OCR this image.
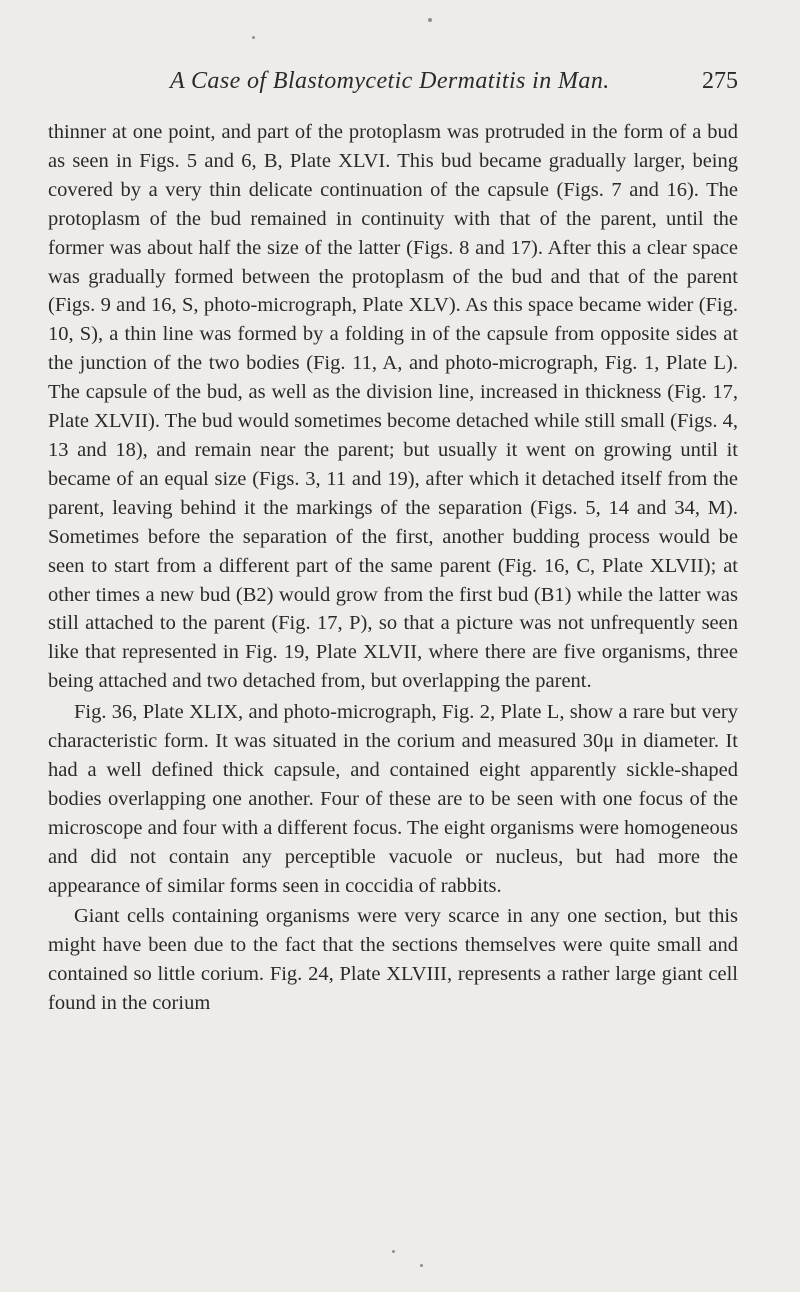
A Case of Blastomycetic Dermatitis in Man.	275

thinner at one point, and part of the protoplasm was protruded in the form of a bud as seen in Figs. 5 and 6, B, Plate XLVI. This bud became gradually larger, being covered by a very thin delicate continuation of the capsule (Figs. 7 and 16). The protoplasm of the bud remained in continuity with that of the parent, until the former was about half the size of the latter (Figs. 8 and 17). After this a clear space was gradually formed between the protoplasm of the bud and that of the parent (Figs. 9 and 16, S, photo-micrograph, Plate XLV). As this space became wider (Fig. 10, S), a thin line was formed by a folding in of the capsule from opposite sides at the junction of the two bodies (Fig. 11, A, and photo-micrograph, Fig. 1, Plate L). The capsule of the bud, as well as the division line, increased in thickness (Fig. 17, Plate XLVII). The bud would sometimes become detached while still small (Figs. 4, 13 and 18), and remain near the parent; but usually it went on growing until it became of an equal size (Figs. 3, 11 and 19), after which it detached itself from the parent, leaving behind it the markings of the separation (Figs. 5, 14 and 34, M). Sometimes before the separation of the first, another budding process would be seen to start from a different part of the same parent (Fig. 16, C, Plate XLVII); at other times a new bud (B2) would grow from the first bud (B1) while the latter was still attached to the parent (Fig. 17, P), so that a picture was not unfrequently seen like that represented in Fig. 19, Plate XLVII, where there are five organisms, three being attached and two detached from, but overlapping the parent.

Fig. 36, Plate XLIX, and photo-micrograph, Fig. 2, Plate L, show a rare but very characteristic form. It was situated in the corium and measured 30μ in diameter. It had a well defined thick capsule, and contained eight apparently sickle-shaped bodies overlapping one another. Four of these are to be seen with one focus of the microscope and four with a different focus. The eight organisms were homogeneous and did not contain any perceptible vacuole or nucleus, but had more the appearance of similar forms seen in coccidia of rabbits.

Giant cells containing organisms were very scarce in any one section, but this might have been due to the fact that the sections themselves were quite small and contained so little corium. Fig. 24, Plate XLVIII, represents a rather large giant cell found in the corium
